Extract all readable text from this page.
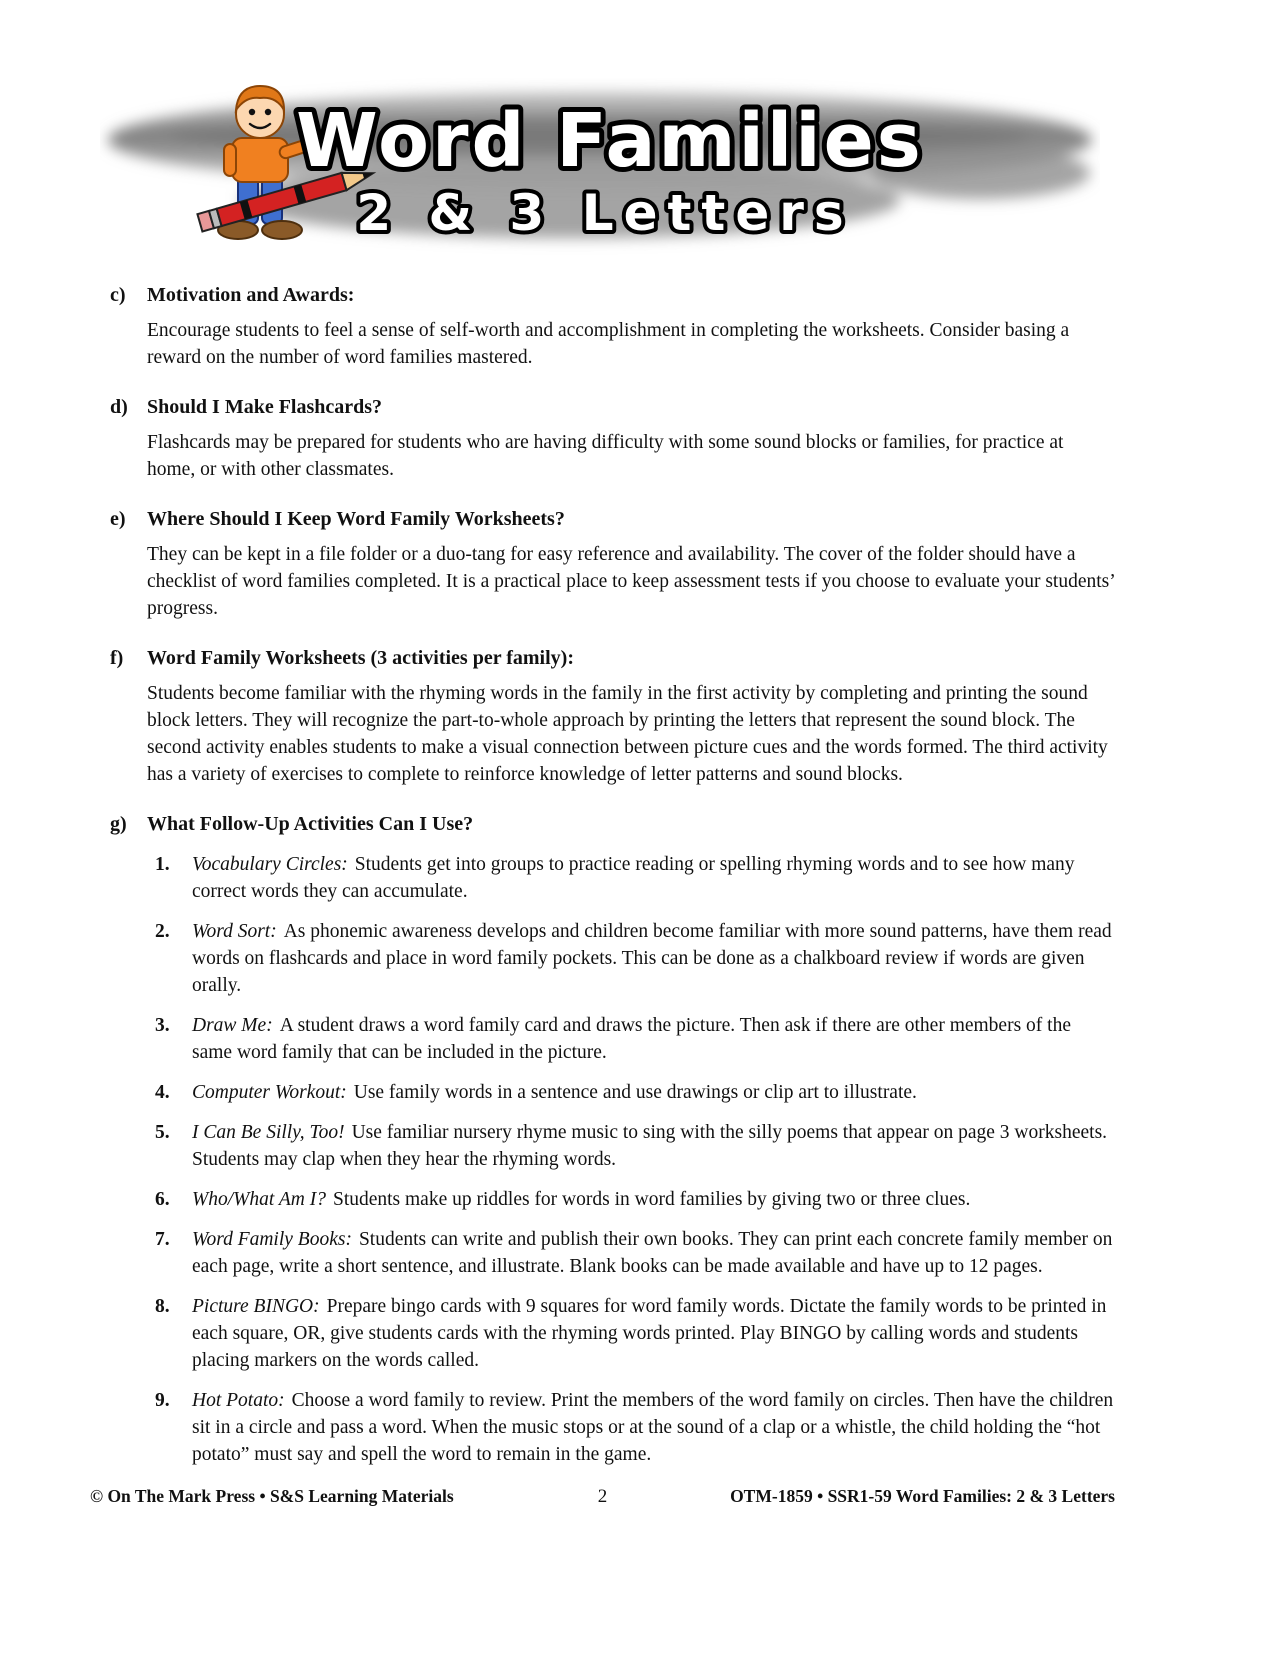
Word Families
2 & 3 Letters
c)	Motivation and Awards:

Encourage students to feel a sense of self-worth and accomplishment in completing the worksheets. Consider basing a reward on the number of word families mastered.

d) Should I Make Flashcards?

Flashcards may be prepared for students who are having difficulty with some sound blocks or families, for practice at home, or with other classmates.

e)	Where Should I Keep Word Family Worksheets?

They can be kept in a file folder or a duo-tang for easy reference and availability. The cover of the folder should have a checklist of word families completed. It is a practical place to keep assessment tests if you choose to evaluate your students’ progress.

f)	Word Family Worksheets (3 activities per family):

Students become familiar with the rhyming words in the family in the first activity by completing and printing the sound block letters. They will recognize the part-to-whole approach by printing the letters that represent the sound block. The second activity enables students to make a visual connection between picture cues and the words formed. The third activity has a variety of exercises to complete to reinforce knowledge of letter patterns and sound blocks.

g)	What Follow-Up Activities Can I Use?
1.	Vocabulary Circles: Students get into groups to practice reading or spelling rhyming words and to see how many correct words they can accumulate.
2.	Word Sort: As phonemic awareness develops and children become familiar with more sound patterns, have them read words on flashcards and place in word family pockets. This can be done as a chalkboard review if words are given orally.
3.	Draw Me: A student draws a word family card and draws the picture. Then ask if there are other members of the same word family that can be included in the picture.
4.	Computer Workout: Use family words in a sentence and use drawings or clip art to illustrate.
5.	I Can Be Silly, Too! Use familiar nursery rhyme music to sing with the silly poems that appear on page 3 worksheets. Students may clap when they hear the rhyming words.
6.	Who/What Am I? Students make up riddles for words in word families by giving two or three clues.
7.	Word Family Books: Students can write and publish their own books. They can print each concrete family member on each page, write a short sentence, and illustrate. Blank books can be made available and have up to 12 pages.
8.	Picture BINGO: Prepare bingo cards with 9 squares for word family words. Dictate the family words to be printed in each square, OR, give students cards with the rhyming words printed. Play BINGO by calling words and students placing markers on the words called.
9.	Hot Potato: Choose a word family to review. Print the members of the word family on circles. Then have the children sit in a circle and pass a word. When the music stops or at the sound of a clap or a whistle, the child holding the “hot potato” must say and spell the word to remain in the game.
© On The Mark Press • S&S Learning Materials	2	OTM-1859 • SSR1-59 Word Families: 2 & 3 Letters
